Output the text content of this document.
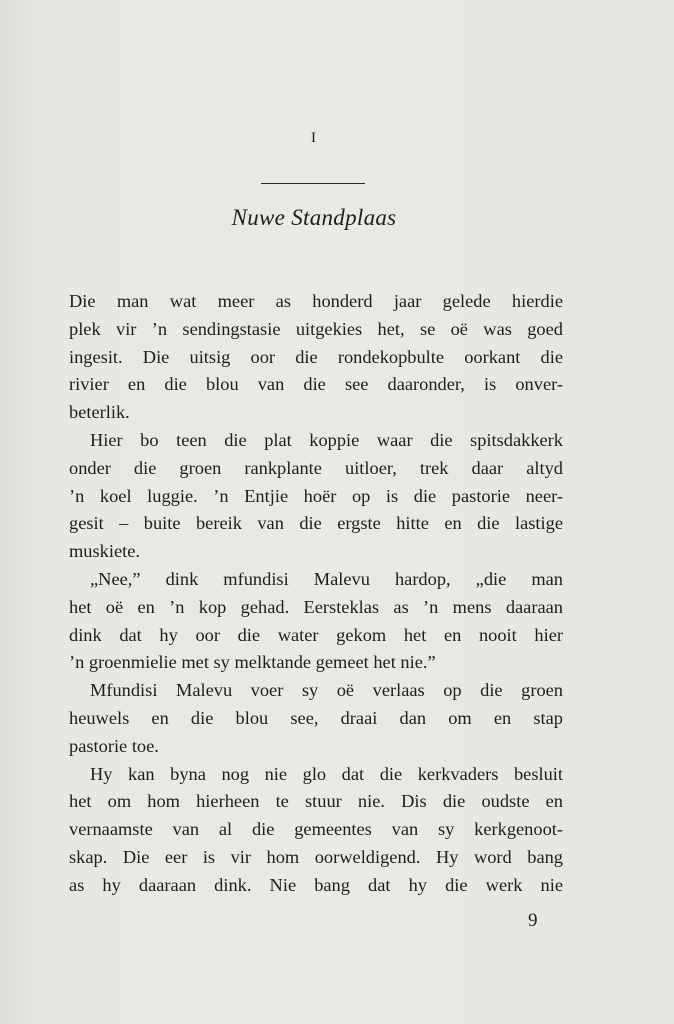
I
Nuwe Standplaas
Die man wat meer as honderd jaar gelede hierdie
plek vir ’n sendingstasie uitgekies het, se oë was goed
ingesit. Die uitsig oor die rondekopbulte oorkant die
rivier en die blou van die see daaronder, is onver-
beterlik.
Hier bo teen die plat koppie waar die spitsdakkerk
onder die groen rankplante uitloer, trek daar altyd
’n koel luggie. ’n Entjie hoër op is die pastorie neer-
gesit – buite bereik van die ergste hitte en die lastige
muskiete.
„Nee,” dink mfundisi Malevu hardop, „die man
het oë en ’n kop gehad. Eersteklas as ’n mens daaraan
dink dat hy oor die water gekom het en nooit hier
’n groenmielie met sy melktande gemeet het nie.”
Mfundisi Malevu voer sy oë verlaas op die groen
heuwels en die blou see, draai dan om en stap
pastorie toe.
Hy kan byna nog nie glo dat die kerkvaders besluit
het om hom hierheen te stuur nie. Dis die oudste en
vernaamste van al die gemeentes van sy kerkgenoot-
skap. Die eer is vir hom oorweldigend. Hy word bang
as hy daaraan dink. Nie bang dat hy die werk nie
9
